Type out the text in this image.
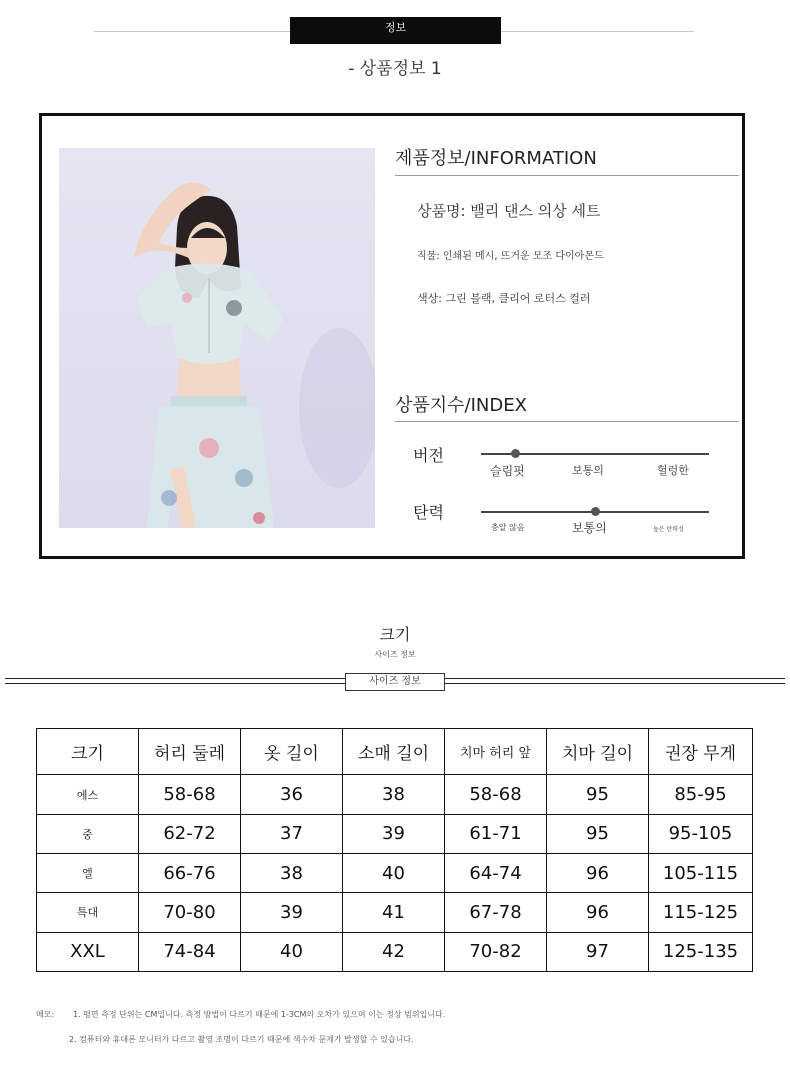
정보
- 상품정보 1
제품정보/INFORMATION
상품명: 밸리 댄스 의상 세트
직물: 인쇄된 메시, 뜨거운 모조 다이아몬드
색상: 그린 블랙, 클리어 로터스 컬러
상품지수/INDEX
버전
슬림핏	보통의	헐렁한
탄력
충알 않음	보통의	높은 탄력성
크기
사이즈 정보
사이즈 정보
크기	허리 둘레	옷 길이	소매 길이	치마 허리 앞	치마 길이	권장 무게
에스	58-68	36	38	58-68	95	85-95
중	62-72	37	39	61-71	95	95-105
엘	66-76	38	40	64-74	96	105-115
특대	70-80	39	41	67-78	96	115-125
XXL	74-84	40	42	70-82	97	125-135
메모: 1. 평면 측정 단위는 CM입니다. 측정 방법이 다르기 때문에 1-3CM의 오차가 있으며 이는 정상 범위입니다.
2. 컴퓨터와 휴대폰 모니터가 다르고 촬영 조명이 다르기 때문에 색수차 문제가 발생할 수 있습니다.
